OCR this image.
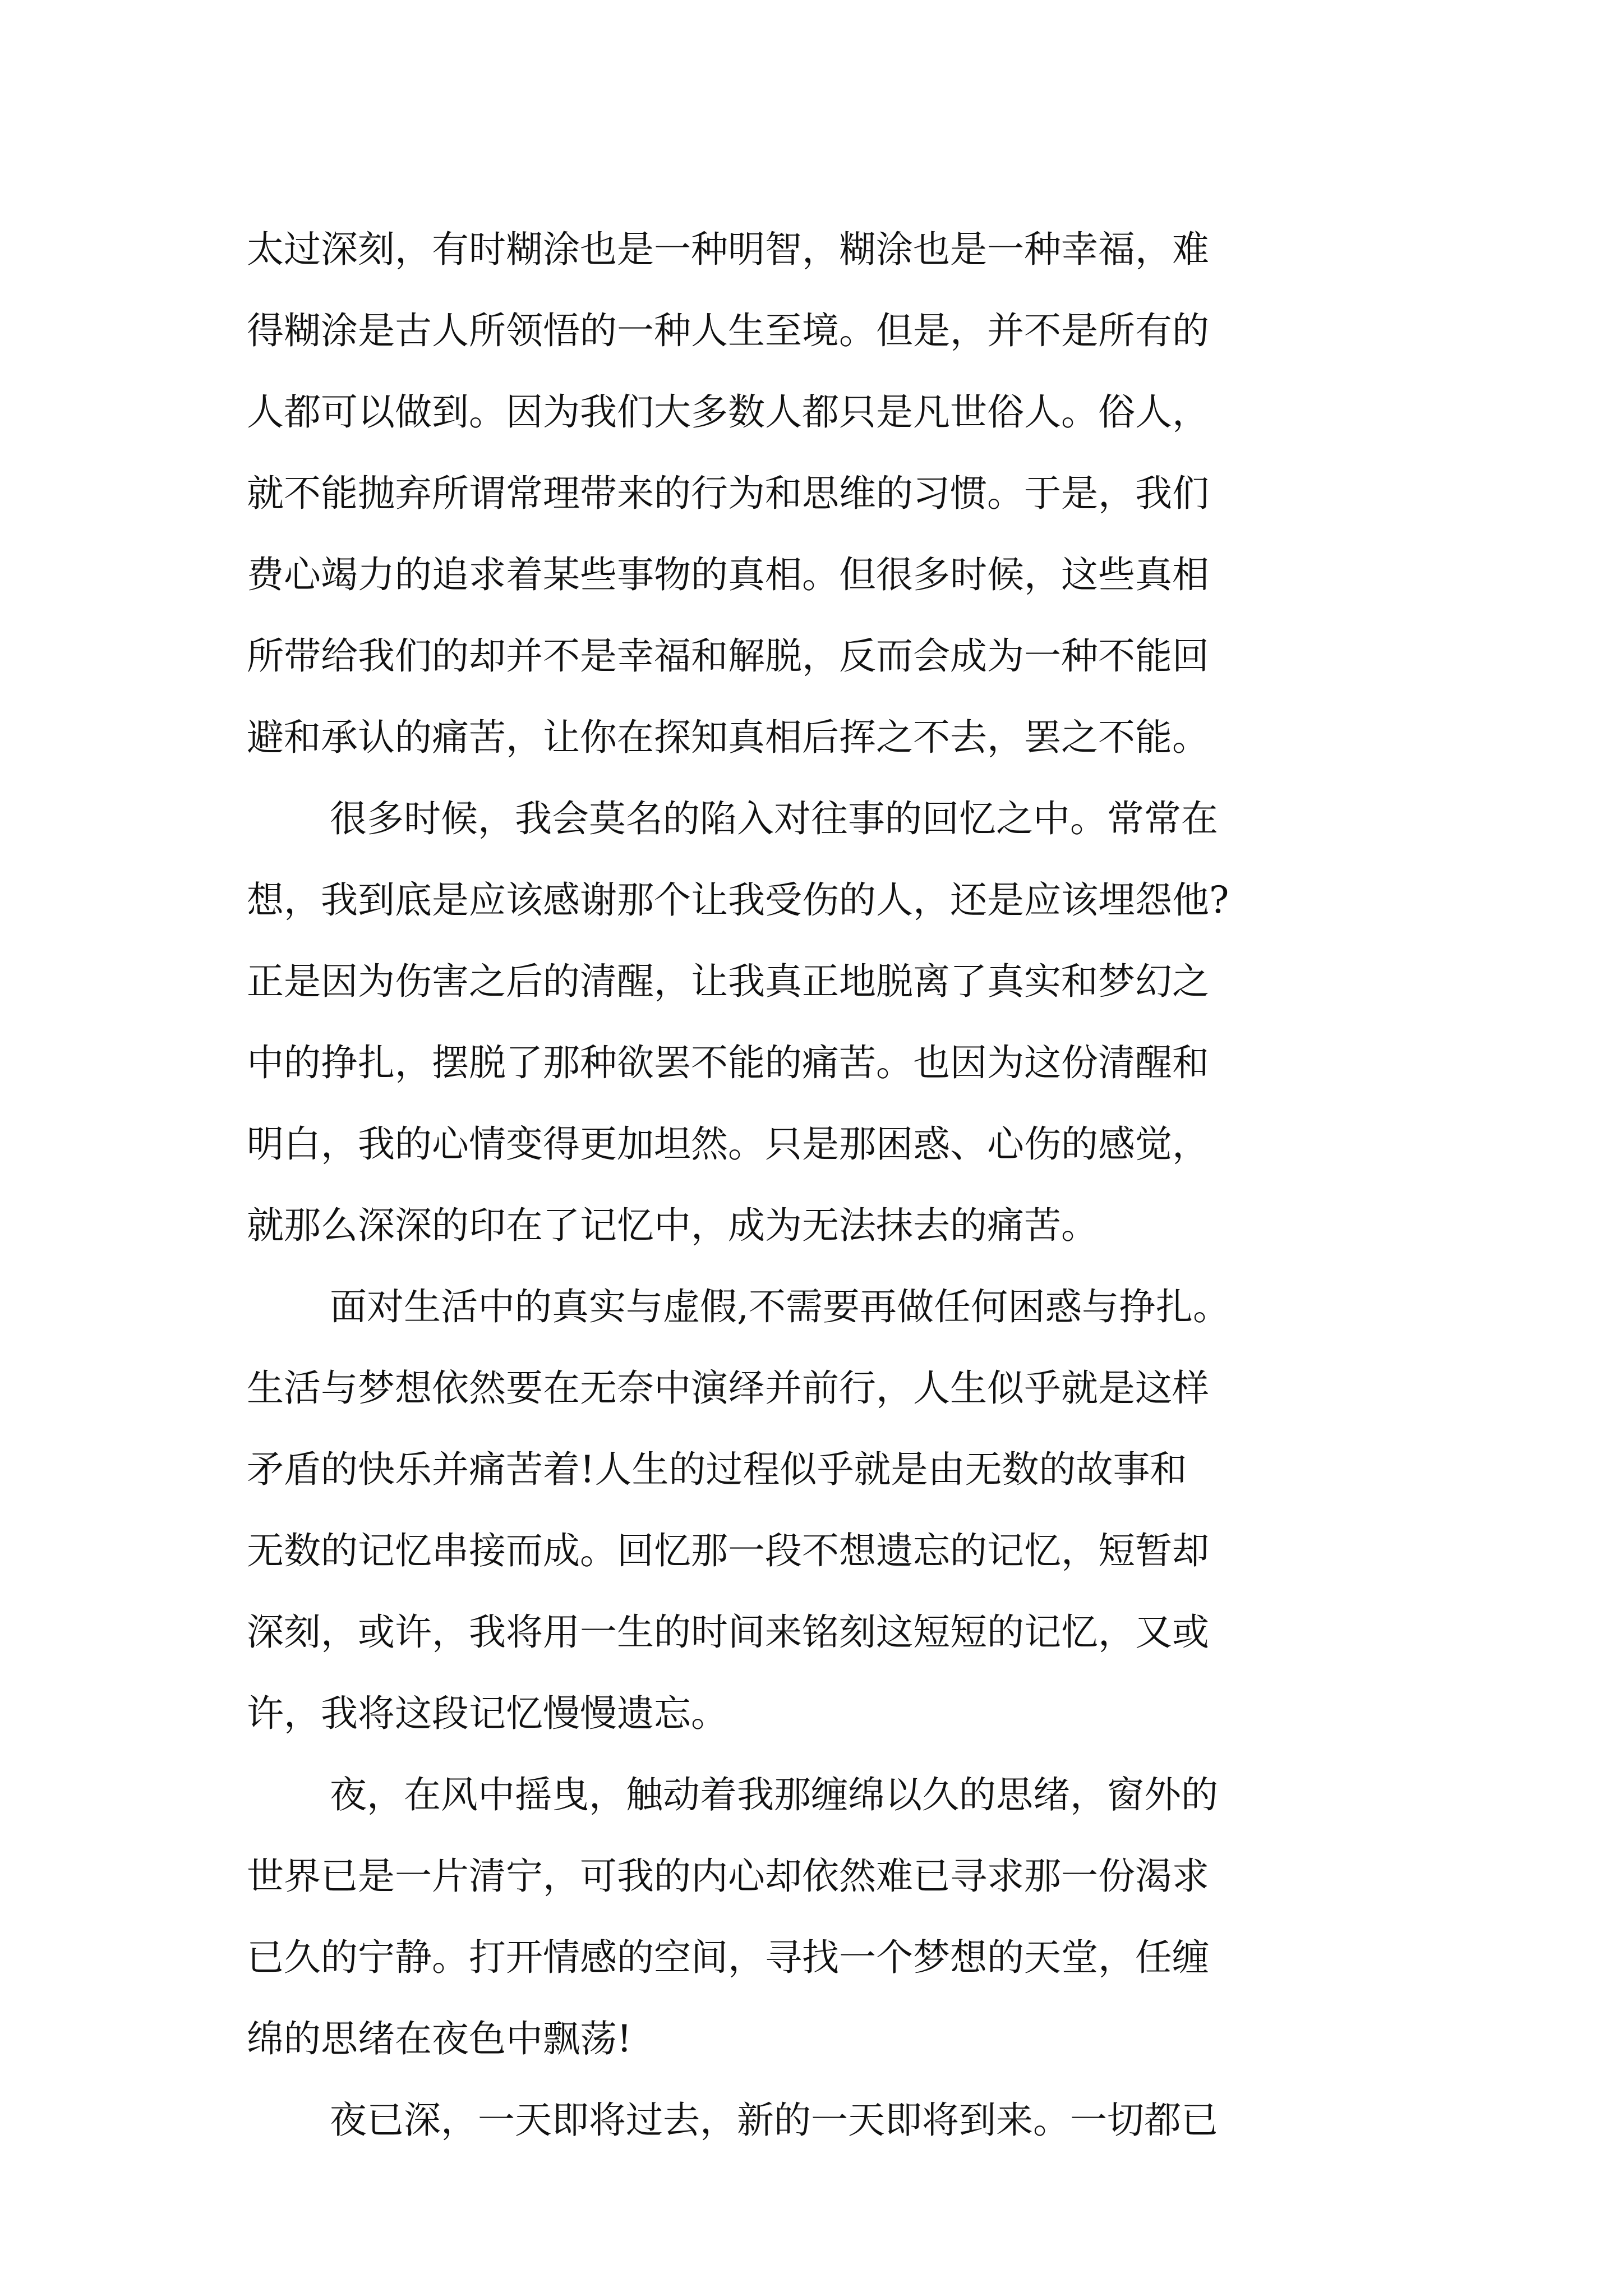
太过深刻，有时糊涂也是一种明智，糊涂也是一种幸福，难
得糊涂是古人所领悟的一种人生至境。但是，并不是所有的
人都可以做到。因为我们大多数人都只是凡世俗人。俗人，
就不能抛弃所谓常理带来的行为和思维的习惯。于是，我们
费心竭力的追求着某些事物的真相。但很多时候，这些真相
所带给我们的却并不是幸福和解脱，反而会成为一种不能回
避和承认的痛苦，让你在探知真相后挥之不去，罢之不能。
很多时候，我会莫名的陷入对往事的回忆之中。常常在
想，我到底是应该感谢那个让我受伤的人，还是应该埋怨他?
正是因为伤害之后的清醒，让我真正地脱离了真实和梦幻之
中的挣扎，摆脱了那种欲罢不能的痛苦。也因为这份清醒和
明白，我的心情变得更加坦然。只是那困惑、心伤的感觉，
就那么深深的印在了记忆中，成为无法抹去的痛苦。
面对生活中的真实与虚假,不需要再做任何困惑与挣扎。
生活与梦想依然要在无奈中演绎并前行，人生似乎就是这样
矛盾的快乐并痛苦着!人生的过程似乎就是由无数的故事和
无数的记忆串接而成。回忆那一段不想遗忘的记忆，短暂却
深刻，或许，我将用一生的时间来铭刻这短短的记忆，又或
许，我将这段记忆慢慢遗忘。
夜，在风中摇曳，触动着我那缠绵以久的思绪，窗外的
世界已是一片清宁，可我的内心却依然难已寻求那一份渴求
已久的宁静。打开情感的空间，寻找一个梦想的天堂，任缠
绵的思绪在夜色中飘荡!
夜已深，一天即将过去，新的一天即将到来。一切都已
